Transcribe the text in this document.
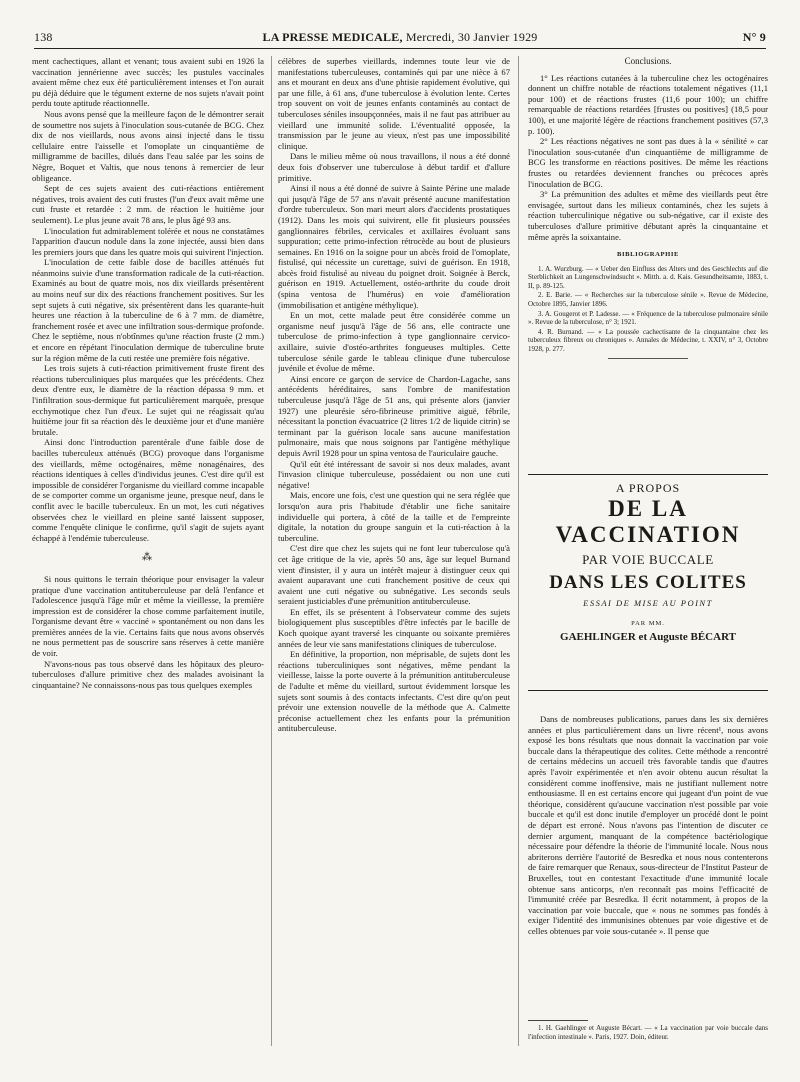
138	LA PRESSE MEDICALE, Mercredi, 30 Janvier 1929	N° 9

ment cachectiques, allant et venant; tous avaient subi en 1926 la vaccination jennérienne avec succès; les pustules vaccinales avaient même chez eux été particulièrement intenses et l'on aurait pu déjà déduire que le tégument externe de nos sujets n'avait point perdu toute aptitude réactionnelle.

Nous avons pensé que la meilleure façon de le démontrer serait de soumettre nos sujets à l'inoculation sous-cutanée de BCG. Chez dix de nos vieillards, nous avons ainsi injecté dans le tissu cellulaire entre l'aisselle et l'omoplate un cinquantième de milligramme de bacilles, dilués dans l'eau salée par les soins de Nègre, Boquet et Valtis, que nous tenons à remercier de leur obligeance.

Sept de ces sujets avaient des cuti-réactions entièrement négatives, trois avaient des cuti frustes (l'un d'eux avait même une cuti fruste et retardée : 2 mm. de réaction le huitième jour seulement). Le plus jeune avait 78 ans, le plus âgé 93 ans.

L'inoculation fut admirablement tolérée et nous ne constatâmes l'apparition d'aucun nodule dans la zone injectée, aussi bien dans les premiers jours que dans les quatre mois qui suivirent l'injection.

L'inoculation de cette faible dose de bacilles atténués fut néanmoins suivie d'une transformation radicale de la cuti-réaction. Examinés au bout de quatre mois, nos dix vieillards présentèrent au moins neuf sur dix des réactions franchement positives. Sur les sept sujets à cuti négative, six présentèrent dans les quarante-huit heures une réaction à la tuberculine de 6 à 7 mm. de diamètre, franchement rosée et avec une infiltration sous-dermique profonde. Chez le septième, nous n'obtînmes qu'une réaction fruste (2 mm.) et encore en répétant l'inoculation dermique de tuberculine brute sur la région même de la cuti restée une première fois négative.

Les trois sujets à cuti-réaction primitivement fruste firent des réactions tuberculiniques plus marquées que les précédents. Chez deux d'entre eux, le diamètre de la réaction dépassa 9 mm. et l'infiltration sous-dermique fut particulièrement marquée, presque ecchymotique chez l'un d'eux. Le sujet qui ne réagissait qu'au huitième jour fit sa réaction dès le deuxième jour et d'une manière brutale.

Ainsi donc l'introduction parentérale d'une faible dose de bacilles tuberculeux atténués (BCG) provoque dans l'organisme des vieillards, même octogénaires, même nonagénaires, des réactions identiques à celles d'individus jeunes. C'est dire qu'il est impossible de considérer l'organisme du vieillard comme incapable de se comporter comme un organisme jeune, presque neuf, dans le conflit avec le bacille tuberculeux. En un mot, les cuti négatives observées chez le vieillard en pleine santé laissent supposer, comme l'enquête clinique le confirme, qu'il s'agit de sujets ayant échappé à l'endémie tuberculeuse.

⁂

Si nous quittons le terrain théorique pour envisager la valeur pratique d'une vaccination antituberculeuse par delà l'enfance et l'adolescence jusqu'à l'âge mûr et même la vieillesse, la première impression est de considérer la chose comme parfaitement inutile, l'organisme devant être « vacciné » spontanément ou non dans les premières années de la vie. Certains faits que nous avons observés ne nous permettent pas de souscrire sans réserves à cette manière de voir.

N'avons-nous pas tous observé dans les hôpitaux des pleuro-tuberculoses d'allure primitive chez des malades avoisinant la cinquantaine? Ne connaissons-nous pas tous quelques exemples

célèbres de superbes vieillards, indemnes toute leur vie de manifestations tuberculeuses, contaminés qui par une nièce à 67 ans et mourant en deux ans d'une phtisie rapidement évolutive, qui par une fille, à 61 ans, d'une tuberculose à évolution lente. Certes trop souvent on voit de jeunes enfants contaminés au contact de tuberculoses séniles insoupçonnées, mais il ne faut pas attribuer au vieillard une immunité solide. L'éventualité opposée, la transmission par le jeune au vieux, n'est pas une impossibilité clinique.

Dans le milieu même où nous travaillons, il nous a été donné deux fois d'observer une tuberculose à début tardif et d'allure primitive.

Ainsi il nous a été donné de suivre à Sainte Périne une malade qui jusqu'à l'âge de 57 ans n'avait présenté aucune manifestation d'ordre tuberculeux. Son mari meurt alors d'accidents prostatiques (1912). Dans les mois qui suivirent, elle fit plusieurs poussées ganglionnaires fébriles, cervicales et axillaires évoluant sans suppuration; cette primo-infection rétrocède au bout de plusieurs semaines. En 1916 on la soigne pour un abcès froid de l'omoplate, fistulisé, qui nécessite un curettage, suivi de guérison. En 1918, abcès froid fistulisé au niveau du poignet droit. Soignée à Berck, guérison en 1919. Actuellement, ostéo-arthrite du coude droit (spina ventosa de l'humérus) en voie d'amélioration (immobilisation et antigène méthylique).

En un mot, cette malade peut être considérée comme un organisme neuf jusqu'à l'âge de 56 ans, elle contracte une tuberculose de primo-infection à type ganglionnaire cervico-axillaire, suivie d'ostéo-arthrites fongueuses multiples. Cette tuberculose sénile garde le tableau clinique d'une tuberculose juvénile et évolue de même.

Ainsi encore ce garçon de service de Chardon-Lagache, sans antécédents héréditaires, sans l'ombre de manifestation tuberculeuse jusqu'à l'âge de 51 ans, qui présente alors (janvier 1927) une pleurésie séro-fibrineuse primitive aiguë, fébrile, nécessitant la ponction évacuatrice (2 litres 1/2 de liquide citrin) se terminant par la guérison locale sans aucune manifestation pulmonaire, mais que nous soignons par l'antigène méthylique depuis Avril 1928 pour un spina ventosa de l'auriculaire gauche.

Qu'il eût été intéressant de savoir si nos deux malades, avant l'invasion clinique tuberculeuse, possédaient ou non une cuti négative!

Mais, encore une fois, c'est une question qui ne sera réglée que lorsqu'on aura pris l'habitude d'établir une fiche sanitaire individuelle qui portera, à côté de la taille et de l'empreinte digitale, la notation du groupe sanguin et la cuti-réaction à la tuberculine.

C'est dire que chez les sujets qui ne font leur tuberculose qu'à cet âge critique de la vie, après 50 ans, âge sur lequel Burnand vient d'insister, il y aura un intérêt majeur à distinguer ceux qui avaient auparavant une cuti franchement positive de ceux qui avaient une cuti négative ou subnégative. Les seconds seuls seraient justiciables d'une prémunition antituberculeuse.

En effet, ils se présentent à l'observateur comme des sujets biologiquement plus susceptibles d'être infectés par le bacille de Koch quoique ayant traversé les cinquante ou soixante premières années de leur vie sans manifestations cliniques de tuberculose.

En définitive, la proportion, non méprisable, de sujets dont les réactions tuberculiniques sont négatives, même pendant la vieillesse, laisse la porte ouverte à la prémunition antituberculeuse de l'adulte et même du vieillard, surtout évidemment lorsque les sujets sont soumis à des contacts infectants. C'est dire qu'on peut prévoir une extension nouvelle de la méthode que A. Calmette préconise actuellement chez les enfants pour la prémunition antituberculeuse.

Conclusions.

1° Les réactions cutanées à la tuberculine chez les octogénaires donnent un chiffre notable de réactions totalement négatives (11,1 pour 100) et de réactions frustes (11,6 pour 100); un chiffre remarquable de réactions retardées [frustes ou positives] (18,5 pour 100), et une majorité légère de réactions franchement positives (57,3 p. 100).

2° Les réactions négatives ne sont pas dues à la « sénilité » car l'inoculation sous-cutanée d'un cinquantième de milligramme de BCG les transforme en réactions positives. De même les réactions frustes ou retardées deviennent franches ou précoces après l'inoculation de BCG.

3° La prémunition des adultes et même des vieillards peut être envisagée, surtout dans les milieux contaminés, chez les sujets à réaction tuberculinique négative ou sub-négative, car il existe des tuberculoses d'allure primitive débutant après la cinquantaine et même après la soixantaine.

BIBLIOGRAPHIE

1. A. Wurzburg. — « Ueber den Einfluss des Alters und des Geschlechts auf die Sterblichkeit an Lungenschwindsucht ». Mitth. a. d. Kais. Gesundheitsamte, 1883, t. II, p. 89-125.

2. E. Barie. — « Recherches sur la tuberculose sénile ». Revue de Médecine, Octobre 1895, Janvier 1896.

3. A. Gougerot et P. Ladesse. — « Fréquence de la tuberculose pulmonaire sénile ». Revue de la tuberculose, n° 3; 1921.

4. R. Burnand. — « La poussée cachectisante de la cinquantaine chez les tuberculeux fibreux ou chroniques ». Annales de Médecine, t. XXIV, n° 3, Octobre 1928, p. 277.

A PROPOS
DE LA VACCINATION
PAR VOIE BUCCALE
DANS LES COLITES
ESSAI DE MISE AU POINT
PAR MM.
GAEHLINGER et Auguste BÉCART

Dans de nombreuses publications, parues dans les six dernières années et plus particulièrement dans un livre récent¹, nous avons exposé les bons résultats que nous donnait la vaccination par voie buccale dans la thérapeutique des colites. Cette méthode a rencontré de certains médecins un accueil très favorable tandis que d'autres après l'avoir expérimentée et n'en avoir obtenu aucun résultat la considèrent comme inoffensive, mais ne justifiant nullement notre enthousiasme. Il en est certains encore qui jugeant d'un point de vue théorique, considèrent qu'aucune vaccination n'est possible par voie buccale et qu'il est donc inutile d'employer un procédé dont le point de départ est erroné. Nous n'avons pas l'intention de discuter ce dernier argument, manquant de la compétence bactériologique nécessaire pour défendre la théorie de l'immunité locale. Nous nous abriterons derrière l'autorité de Besredka et nous nous contenterons de faire remarquer que Renaux, sous-directeur de l'Institut Pasteur de Bruxelles, tout en contestant l'exactitude d'une immunité locale obtenue sans anticorps, n'en reconnaît pas moins l'efficacité de l'immunité créée par Besredka. Il écrit notamment, à propos de la vaccination par voie buccale, que « nous ne sommes pas fondés à exiger l'identité des immunisines obtenues par voie digestive et de celles obtenues par voie sous-cutanée ». Il pense que

1. H. Gaehlinger et Auguste Bécart. — « La vaccination par voie buccale dans l'infection intestinale ». Paris, 1927. Doin, éditeur.
